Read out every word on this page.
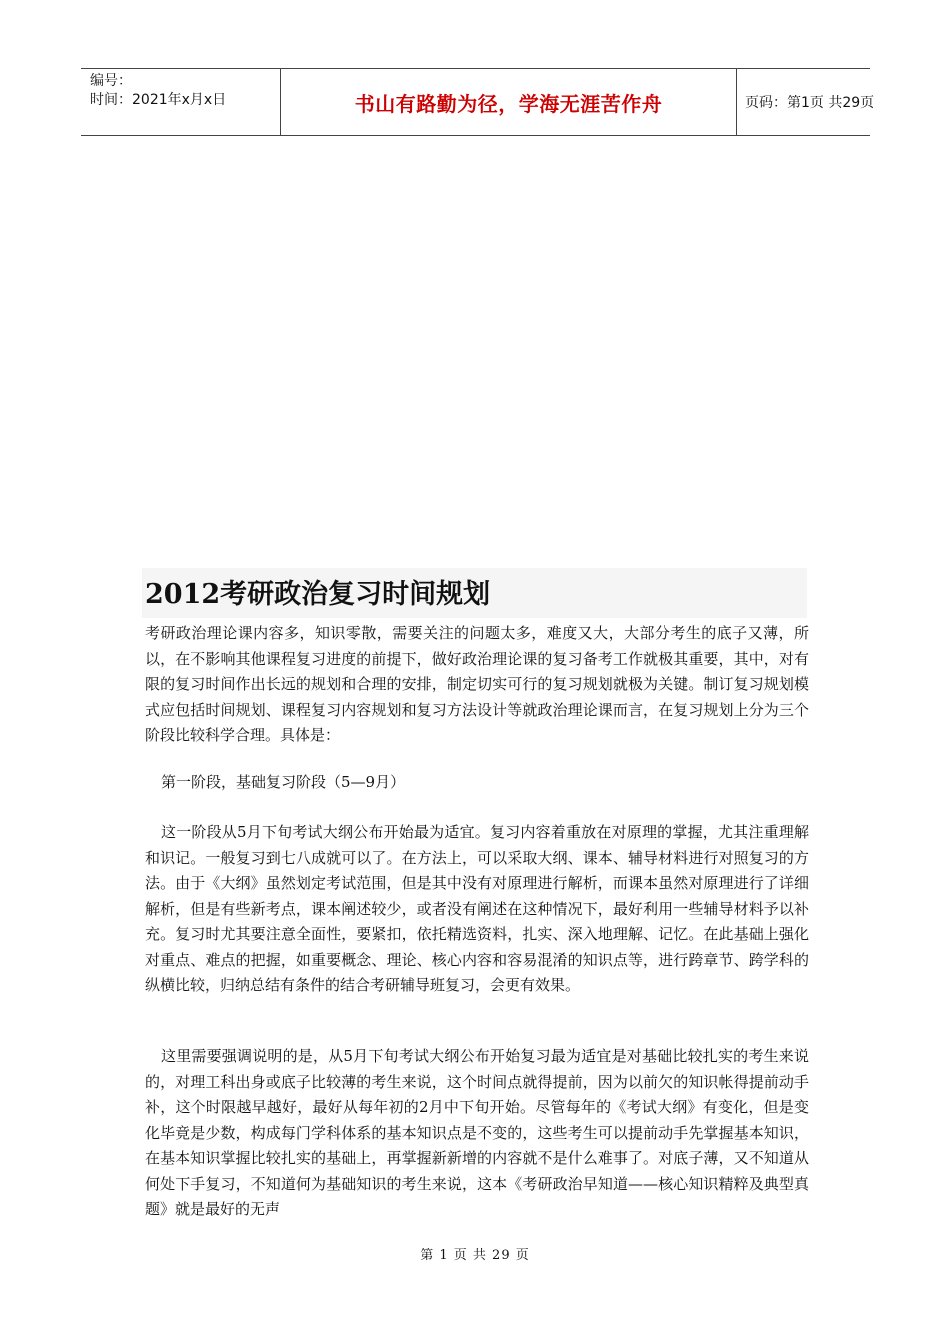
编号：
时间：2021年x月x日	书山有路勤为径，学海无涯苦作舟	页码：第1页 共29页
2012考研政治复习时间规划

考研政治理论课内容多，知识零散，需要关注的问题太多，难度又大，大部分考生的底子又薄，所以，在不影响其他课程复习进度的前提下，做好政治理论课的复习备考工作就极其重要，其中，对有限的复习时间作出长远的规划和合理的安排，制定切实可行的复习规划就极为关键。制订复习规划模式应包括时间规划、课程复习内容规划和复习方法设计等就政治理论课而言，在复习规划上分为三个阶段比较科学合理。具体是：

第一阶段，基础复习阶段（5—9月）

这一阶段从5月下旬考试大纲公布开始最为适宜。复习内容着重放在对原理的掌握，尤其注重理解和识记。一般复习到七八成就可以了。在方法上，可以采取大纲、课本、辅导材料进行对照复习的方法。由于《大纲》虽然划定考试范围，但是其中没有对原理进行解析，而课本虽然对原理进行了详细解析，但是有些新考点，课本阐述较少，或者没有阐述在这种情况下，最好利用一些辅导材料予以补充。复习时尤其要注意全面性，要紧扣，依托精选资料，扎实、深入地理解、记忆。在此基础上强化对重点、难点的把握，如重要概念、理论、核心内容和容易混淆的知识点等，进行跨章节、跨学科的纵横比较，归纳总结有条件的结合考研辅导班复习，会更有效果。

这里需要强调说明的是，从5月下旬考试大纲公布开始复习最为适宜是对基础比较扎实的考生来说的，对理工科出身或底子比较薄的考生来说，这个时间点就得提前，因为以前欠的知识帐得提前动手补，这个时限越早越好，最好从每年初的2月中下旬开始。尽管每年的《考试大纲》有变化，但是变化毕竟是少数，构成每门学科体系的基本知识点是不变的，这些考生可以提前动手先掌握基本知识，在基本知识掌握比较扎实的基础上，再掌握新新增的内容就不是什么难事了。对底子薄，又不知道从何处下手复习，不知道何为基础知识的考生来说，这本《考研政治早知道——核心知识精粹及典型真题》就是最好的无声

第 1 页 共 29 页
